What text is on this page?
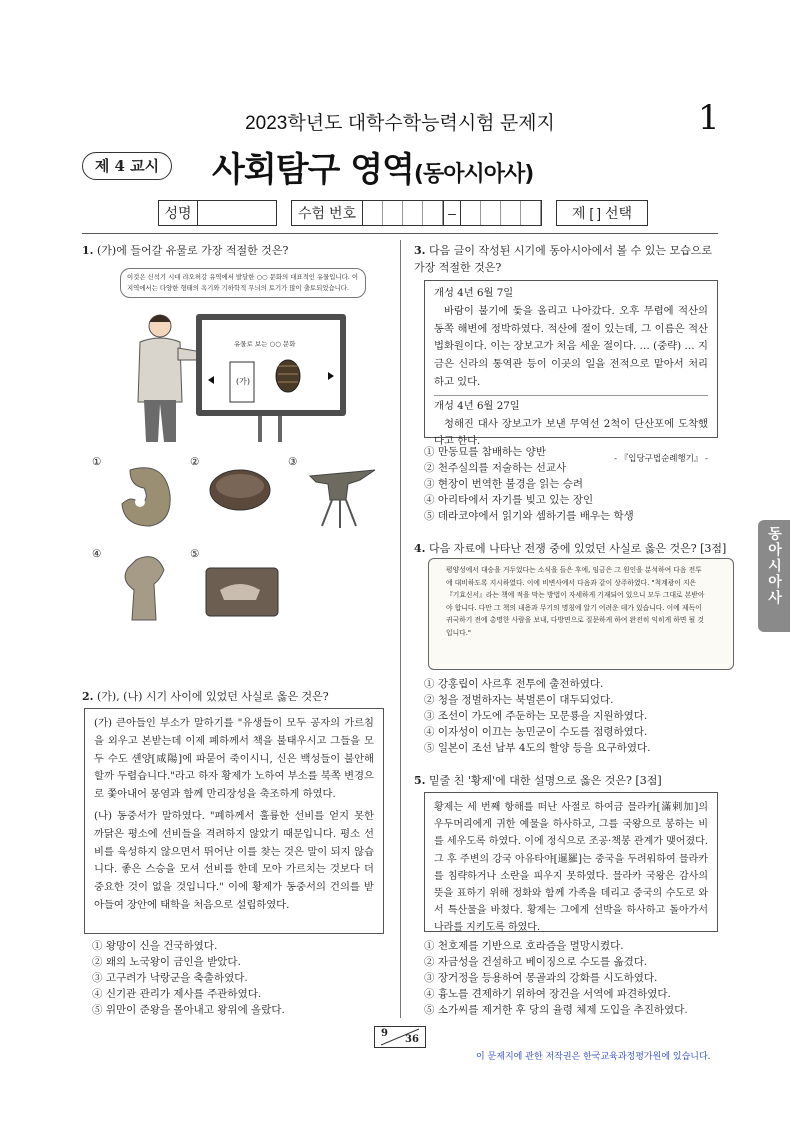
2023학년도 대학수학능력시험 문제지	1
제 4 교시	사회탐구 영역(동아시아사)
성명	수험 번호	–	제 [ ] 선택
동아시아사
1. (가)에 들어갈 유물로 가장 적절한 것은?
이것은 신석기 시대 랴오허강 유역에서 발달한 ○○ 문화의 대표적인 유물입니다. 이 지역에서는 다양한 형태의 옥기와 기하학적 무늬의 토기가 많이 출토되었습니다.
유물로 보는 ○○ 문화
(가)
①	②	③
④	⑤
2. (가), (나) 시기 사이에 있었던 사실로 옳은 것은?
(가) 큰아들인 부소가 말하기를 "유생들이 모두 공자의 가르침을 외우고 본받는데 이제 폐하께서 책을 불태우시고 그들을 모두 수도 셴양[咸陽]에 파묻어 죽이시니, 신은 백성들이 불안해 할까 두렵습니다."라고 하자 황제가 노하여 부소를 북쪽 변경으로 쫓아내어 몽염과 함께 만리장성을 축조하게 하였다.
(나) 동중서가 말하였다. "폐하께서 훌륭한 선비를 얻지 못한 까닭은 평소에 선비들을 격려하지 않았기 때문입니다. 평소 선비를 육성하지 않으면서 뛰어난 이를 찾는 것은 말이 되지 않습니다. 좋은 스승을 모셔 선비를 한데 모아 가르치는 것보다 더 중요한 것이 없을 것입니다." 이에 황제가 동중서의 건의를 받아들여 장안에 태학을 처음으로 설립하였다.
① 왕망이 신을 건국하였다.
② 왜의 노국왕이 금인을 받았다.
③ 고구려가 낙랑군을 축출하였다.
④ 신기관 관리가 제사를 주관하였다.
⑤ 위만이 준왕을 몰아내고 왕위에 올랐다.
3. 다음 글이 작성된 시기에 동아시아에서 볼 수 있는 모습으로 가장 적절한 것은?
개성 4년 6월 7일
바람이 불기에 돛을 올리고 나아갔다. 오후 무렵에 적산의 동쪽 해변에 정박하였다. 적산에 절이 있는데, 그 이름은 적산 법화원이다. 이는 장보고가 처음 세운 절이다. … (중략) … 지금은 신라의 통역관 등이 이곳의 일을 전적으로 맡아서 처리하고 있다.
개성 4년 6월 27일
청해진 대사 장보고가 보낸 무역선 2척이 단산포에 도착했다고 한다.
- 『입당구법순례행기』 -
① 만동묘를 참배하는 양반
② 천주실의를 저술하는 선교사
③ 현장이 번역한 불경을 읽는 승려
④ 아리타에서 자기를 빚고 있는 장인
⑤ 데라코야에서 읽기와 셈하기를 배우는 학생
4. 다음 자료에 나타난 전쟁 중에 있었던 사실로 옳은 것은? [3점]
평양성에서 대승을 거두었다는 소식을 들은 후에, 임금은 그 원인을 분석하여 다음 전투에 대비하도록 지시하였다. 이에 비변사에서 다음과 같이 상주하였다. "척계광이 지은 『기효신서』라는 책에 적을 막는 방법이 자세하게 기재되어 있으니 모두 그대로 본받아야 합니다. 다만 그 책의 내용과 무기의 명칭에 알기 어려운 데가 있습니다. 이에 제독이 귀국하기 전에 총명한 사람을 보내, 다방면으로 질문하게 하여 완전히 익히게 하면 될 것입니다."
① 강홍립이 사르후 전투에 출전하였다.
② 청을 정벌하자는 북벌론이 대두되었다.
③ 조선이 가도에 주둔하는 모문룡을 지원하였다.
④ 이자성이 이끄는 농민군이 수도를 점령하였다.
⑤ 일본이 조선 남부 4도의 할양 등을 요구하였다.
5. 밑줄 친 '황제'에 대한 설명으로 옳은 것은? [3점]
황제는 세 번째 항해를 떠난 사절로 하여금 믈라카[滿剌加]의 우두머리에게 귀한 예물을 하사하고, 그를 국왕으로 봉하는 비를 세우도록 하였다. 이에 정식으로 조공·책봉 관계가 맺어졌다. 그 후 주변의 강국 아유타야[暹羅]는 중국을 두려워하여 믈라카를 침략하거나 소란을 피우지 못하였다. 믈라카 국왕은 감사의 뜻을 표하기 위해 정화와 함께 가족을 데리고 중국의 수도로 와서 특산물을 바쳤다. 황제는 그에게 선박을 하사하고 돌아가서 나라를 지키도록 하였다.
① 천호제를 기반으로 호라즘을 멸망시켰다.
② 자금성을 건설하고 베이징으로 수도를 옮겼다.
③ 장거정을 등용하여 몽골과의 강화를 시도하였다.
④ 흉노를 견제하기 위하여 장건을 서역에 파견하였다.
⑤ 소가씨를 제거한 후 당의 율령 체제 도입을 추진하였다.
9
36
이 문제지에 관한 저작권은 한국교육과정평가원에 있습니다.
